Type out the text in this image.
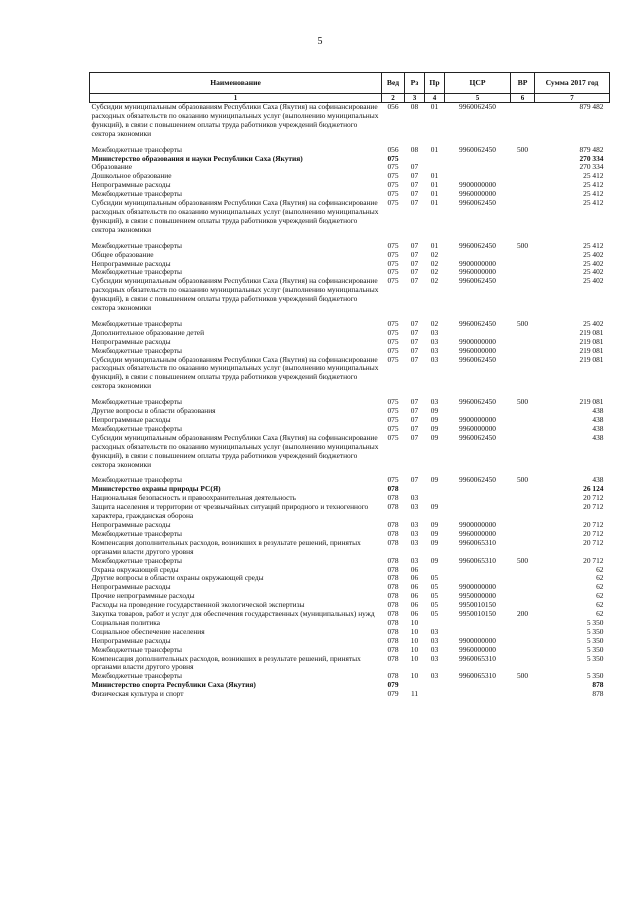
5
Наименование	Вед	Рз	Пр	ЦСР	ВР	Сумма 2017 год
1	2	3	4	5	6	7
Субсидии муниципальным образованиям Республики Саха (Якутия) на софинансирование расходных обязательств по оказанию муниципальных услуг (выполнению муниципальных функций), в связи с повышением оплаты труда работников учреждений бюджетного сектора экономики	056	08	01	9960062450		879 482

Межбюджетные трансферты	056	08	01	9960062450	500	879 482
Министерство образования и науки Республики Саха (Якутия)	075					270 334
Образование	075	07				270 334
Дошкольное образование	075	07	01			25 412
Непрограммные расходы	075	07	01	9900000000		25 412
Межбюджетные трансферты	075	07	01	9960000000		25 412
Субсидии муниципальным образованиям Республики Саха (Якутия) на софинансирование расходных обязательств по оказанию муниципальных услуг (выполнению муниципальных функций), в связи с повышением оплаты труда работников учреждений бюджетного сектора экономики	075	07	01	9960062450		25 412

Межбюджетные трансферты	075	07	01	9960062450	500	25 412
Общее образование	075	07	02			25 402
Непрограммные расходы	075	07	02	9900000000		25 402
Межбюджетные трансферты	075	07	02	9960000000		25 402
Субсидии муниципальным образованиям Республики Саха (Якутия) на софинансирование расходных обязательств по оказанию муниципальных услуг (выполнению муниципальных функций), в связи с повышением оплаты труда работников учреждений бюджетного сектора экономики	075	07	02	9960062450		25 402

Межбюджетные трансферты	075	07	02	9960062450	500	25 402
Дополнительное образование детей	075	07	03			219 081
Непрограммные расходы	075	07	03	9900000000		219 081
Межбюджетные трансферты	075	07	03	9960000000		219 081
Субсидии муниципальным образованиям Республики Саха (Якутия) на софинансирование расходных обязательств по оказанию муниципальных услуг (выполнению муниципальных функций), в связи с повышением оплаты труда работников учреждений бюджетного сектора экономики	075	07	03	9960062450		219 081

Межбюджетные трансферты	075	07	03	9960062450	500	219 081
Другие вопросы в области образования	075	07	09			438
Непрограммные расходы	075	07	09	9900000000		438
Межбюджетные трансферты	075	07	09	9960000000		438
Субсидии муниципальным образованиям Республики Саха (Якутия) на софинансирование расходных обязательств по оказанию муниципальных услуг (выполнению муниципальных функций), в связи с повышением оплаты труда работников учреждений бюджетного сектора экономики	075	07	09	9960062450		438

Межбюджетные трансферты	075	07	09	9960062450	500	438
Министерство охраны природы РС(Я)	078					26 124
Национальная безопасность и правоохранительная деятельность	078	03				20 712
Защита населения и территории от чрезвычайных ситуаций природного и техногенного характера, гражданская оборона	078	03	09			20 712
Непрограммные расходы	078	03	09	9900000000		20 712
Межбюджетные трансферты	078	03	09	9960000000		20 712
Компенсация дополнительных расходов, возникших в результате решений, принятых органами власти другого уровня	078	03	09	9960065310		20 712
Межбюджетные трансферты	078	03	09	9960065310	500	20 712
Охрана окружающей среды	078	06				62
Другие вопросы в области охраны окружающей среды	078	06	05			62
Непрограммные расходы	078	06	05	9900000000		62
Прочие непрограммные расходы	078	06	05	9950000000		62
Расходы на проведение государственной экологической экспертизы	078	06	05	9950010150		62
Закупка товаров, работ и услуг для обеспечения государственных (муниципальных) нужд	078	06	05	9950010150	200	62
Социальная политика	078	10				5 350
Социальное обеспечение населения	078	10	03			5 350
Непрограммные расходы	078	10	03	9900000000		5 350
Межбюджетные трансферты	078	10	03	9960000000		5 350
Компенсация дополнительных расходов, возникших в результате решений, принятых органами власти другого уровня	078	10	03	9960065310		5 350
Межбюджетные трансферты	078	10	03	9960065310	500	5 350
Министерство спорта Республики Саха (Якутия)	079					878
Физическая культура и спорт	079	11				878
